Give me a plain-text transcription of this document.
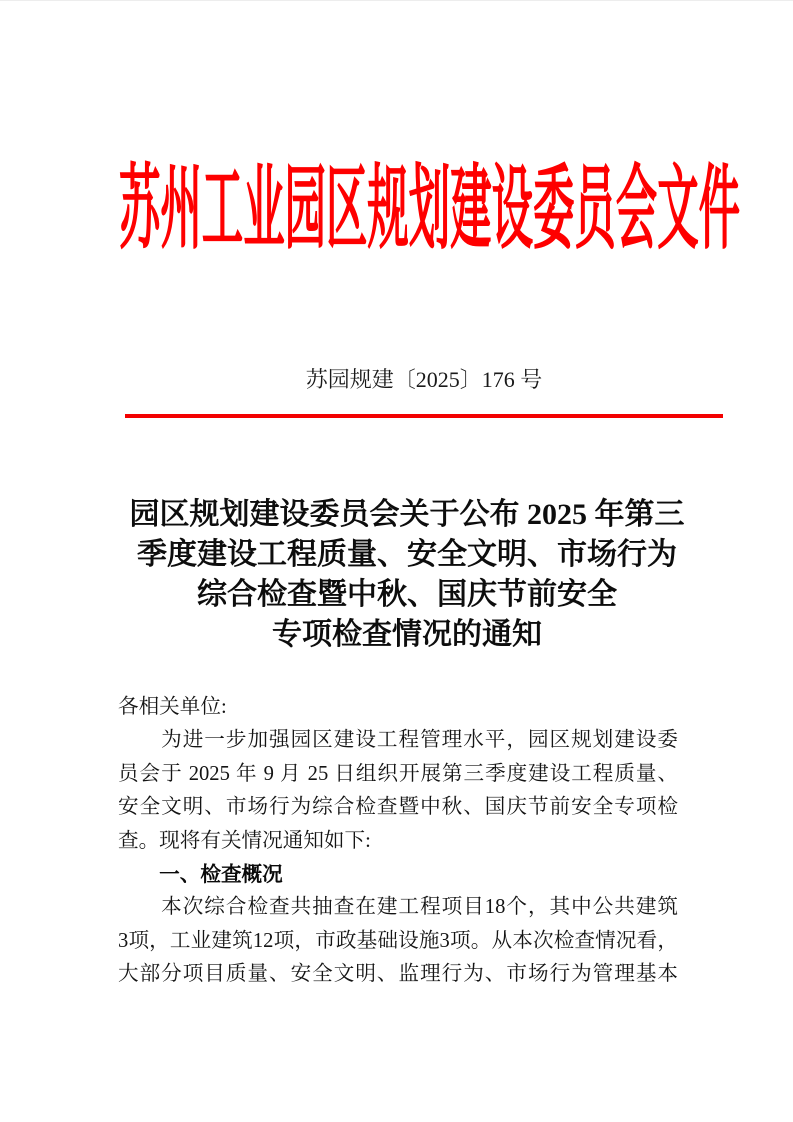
苏州工业园区规划建设委员会文件
苏园规建〔2025〕176 号
园区规划建设委员会关于公布 2025 年第三
季度建设工程质量、安全文明、市场行为
综合检查暨中秋、国庆节前安全
专项检查情况的通知
各相关单位:
　　为进一步加强园区建设工程管理水平，园区规划建设委
员会于 2025 年 9 月 25 日组织开展第三季度建设工程质量、
安全文明、市场行为综合检查暨中秋、国庆节前安全专项检
查。现将有关情况通知如下:
　　一、检查概况
　　本次综合检查共抽查在建工程项目18个，其中公共建筑
3项，工业建筑12项，市政基础设施3项。从本次检查情况看，
大部分项目质量、安全文明、监理行为、市场行为管理基本
